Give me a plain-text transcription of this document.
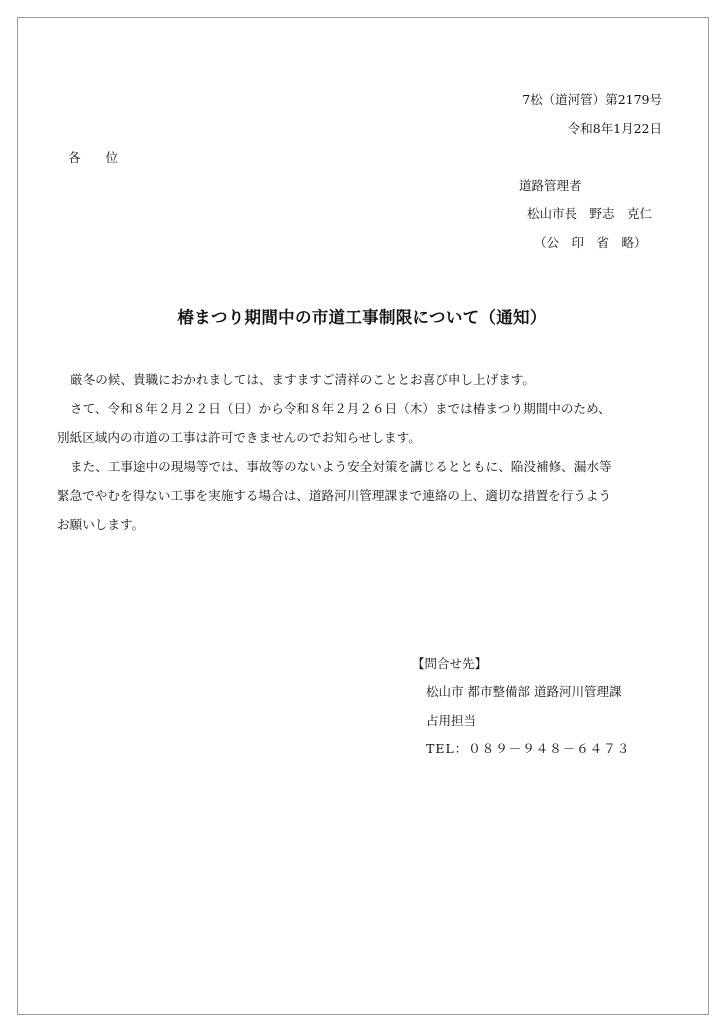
7松（道河管）第2179号
令和8年1月22日
各　　位
道路管理者
松山市長　野志　克仁
（公　印　省　略）
椿まつり期間中の市道工事制限について（通知）

厳冬の候、貴職におかれましては、ますますご清祥のこととお喜び申し上げます。

さて、令和８年２月２２日（日）から令和８年２月２６日（木）までは椿まつり期間中のため、

別紙区域内の市道の工事は許可できませんのでお知らせします。

また、工事途中の現場等では、事故等のないよう安全対策を講じるとともに、陥没補修、漏水等

緊急でやむを得ない工事を実施する場合は、道路河川管理課まで連絡の上、適切な措置を行うよう

お願いします。

【問合せ先】
松山市 都市整備部 道路河川管理課
占用担当
TEL：０８９－９４８－６４７３
